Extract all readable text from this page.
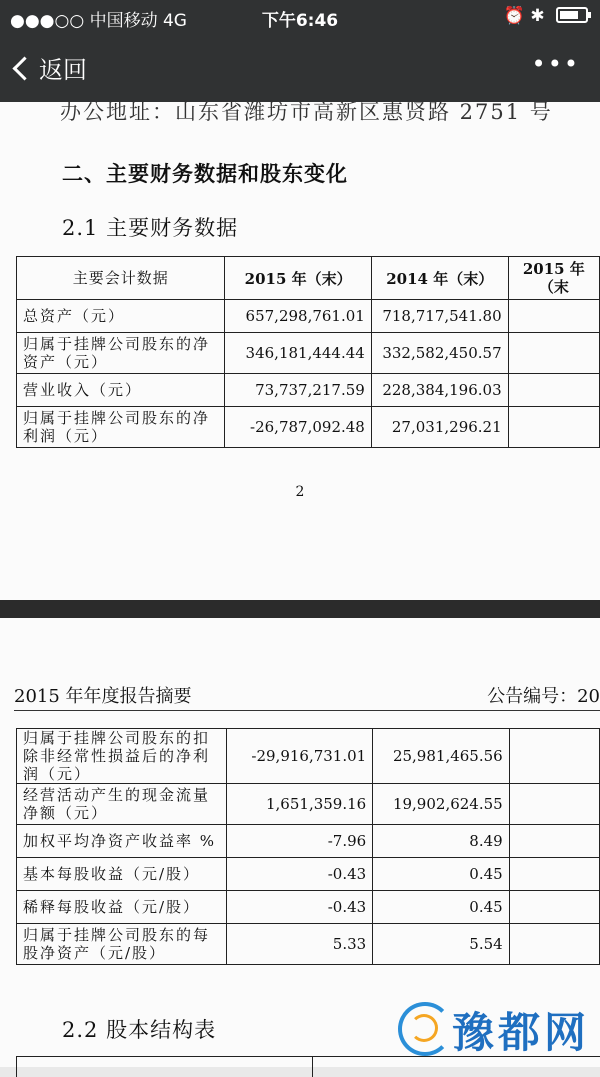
●●●○○ 中国移动 4G	下午6:46	⏰ ✱
返回	•••
办公地址：山东省潍坊市高新区惠贤路 2751 号
二、主要财务数据和股东变化
2.1 主要财务数据
主要会计数据	2015 年（末）	2014 年（末）	2015 年（末
总资产（元）	657,298,761.01	718,717,541.80	
归属于挂牌公司股东的净资产（元）	346,181,444.44	332,582,450.57	
营业收入（元）	73,737,217.59	228,384,196.03	
归属于挂牌公司股东的净利润（元）	-26,787,092.48	27,031,296.21	
2
2015 年年度报告摘要	公告编号：20
归属于挂牌公司股东的扣除非经常性损益后的净利润（元）	-29,916,731.01	25,981,465.56	
经营活动产生的现金流量净额（元）	1,651,359.16	19,902,624.55	
加权平均净资产收益率 %	-7.96	8.49	
基本每股收益（元/股）	-0.43	0.45	
稀释每股收益（元/股）	-0.43	0.45	
归属于挂牌公司股东的每股净资产（元/股）	5.33	5.54	
2.2 股本结构表	豫都网
